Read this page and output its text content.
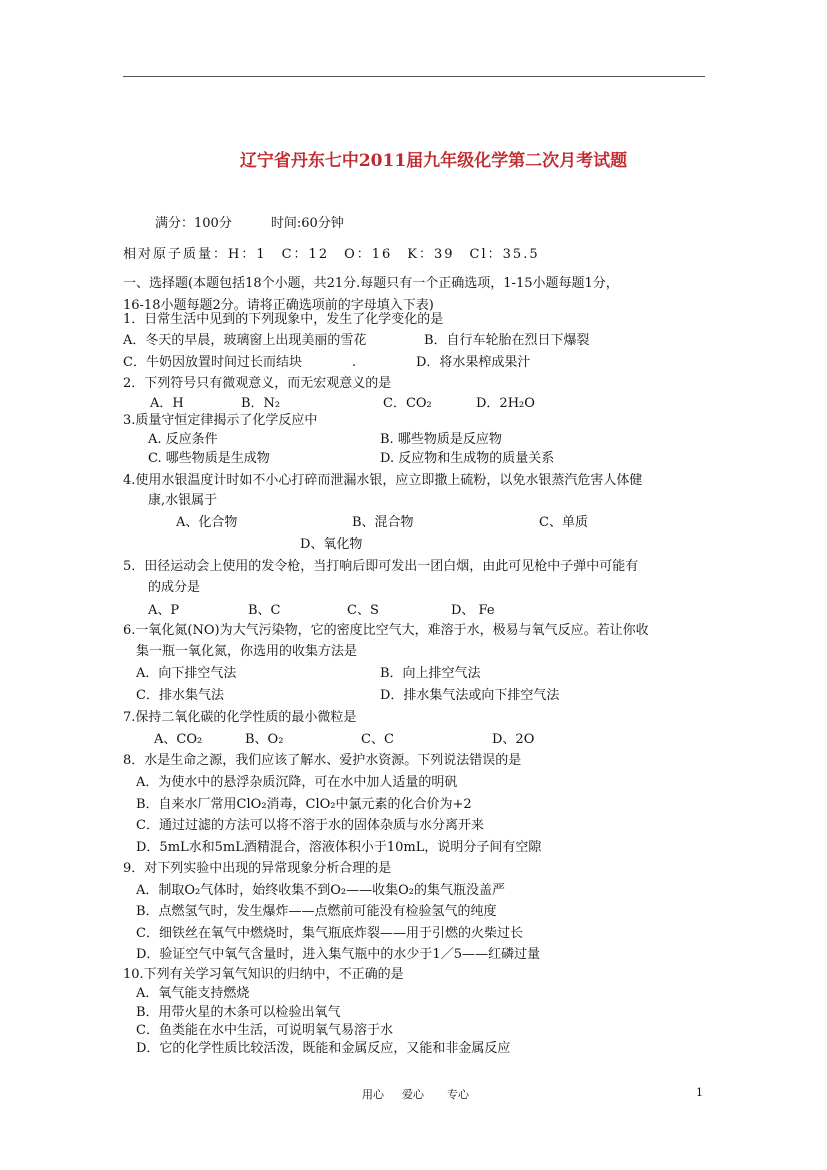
辽宁省丹东七中2011届九年级化学第二次月考试题
满分：100分　　　时间:60分钟
相对原子质量：H：1　C：12　O：16　K：39　Cl：35.5
一、选择题(本题包括18个小题，共21分.每题只有一个正确选项，1-15小题每题1分，
16-18小题每题2分。请将正确选项前的字母填入下表)
1．日常生活中见到的下列现象中，发生了化学变化的是
A．冬天的早晨，玻璃窗上出现美丽的雪花	B．自行车轮胎在烈日下爆裂
C．牛奶因放置时间过长而结块	.	D．将水果榨成果汁
2．下列符号只有微观意义，而无宏观意义的是
A．H	B．N₂	C．CO₂	D．2H₂O
3.质量守恒定律揭示了化学反应中
A. 反应条件	B. 哪些物质是反应物
C. 哪些物质是生成物	D. 反应物和生成物的质量关系
4.使用水银温度计时如不小心打碎而泄漏水银，应立即撒上硫粉，以免水银蒸汽危害人体健
康,水银属于
A、化合物	B、混合物	C、单质
D、氧化物
5．田径运动会上使用的发令枪，当打响后即可发出一团白烟，由此可见枪中子弹中可能有
的成分是
A、P	B、C	C、S	D、 Fe
6.一氧化氮(NO)为大气污染物，它的密度比空气大，难溶于水，极易与氧气反应。若让你收
集一瓶一氧化氮，你选用的收集方法是
A．向下排空气法	B．向上排空气法
C．排水集气法	D．排水集气法或向下排空气法
7.保持二氧化碳的化学性质的最小微粒是
A、CO₂	B、O₂	C、C	D、2O
8．水是生命之源，我们应该了解水、爱护水资源。下列说法错误的是
A．为使水中的悬浮杂质沉降，可在水中加人适量的明矾
B．自来水厂常用ClO₂消毒，ClO₂中氯元素的化合价为+2
C．通过过滤的方法可以将不溶于水的固体杂质与水分离开来
D．5mL水和5mL酒精混合，溶液体积小于10mL，说明分子间有空隙
9．对下列实验中出现的异常现象分析合理的是
A．制取O₂气体时，始终收集不到O₂——收集O₂的集气瓶没盖严
B．点燃氢气时，发生爆炸——点燃前可能没有检验氢气的纯度
C．细铁丝在氧气中燃烧时，集气瓶底炸裂——用于引燃的火柴过长
D．验证空气中氧气含量时，进入集气瓶中的水少于1／5——红磷过量
10.下列有关学习氧气知识的归纳中，不正确的是
A．氧气能支持燃烧
B．用带火星的木条可以检验出氧气
C．鱼类能在水中生活，可说明氧气易溶于水
D．它的化学性质比较活泼，既能和金属反应，又能和非金属反应
用心 爱心 专心	1
